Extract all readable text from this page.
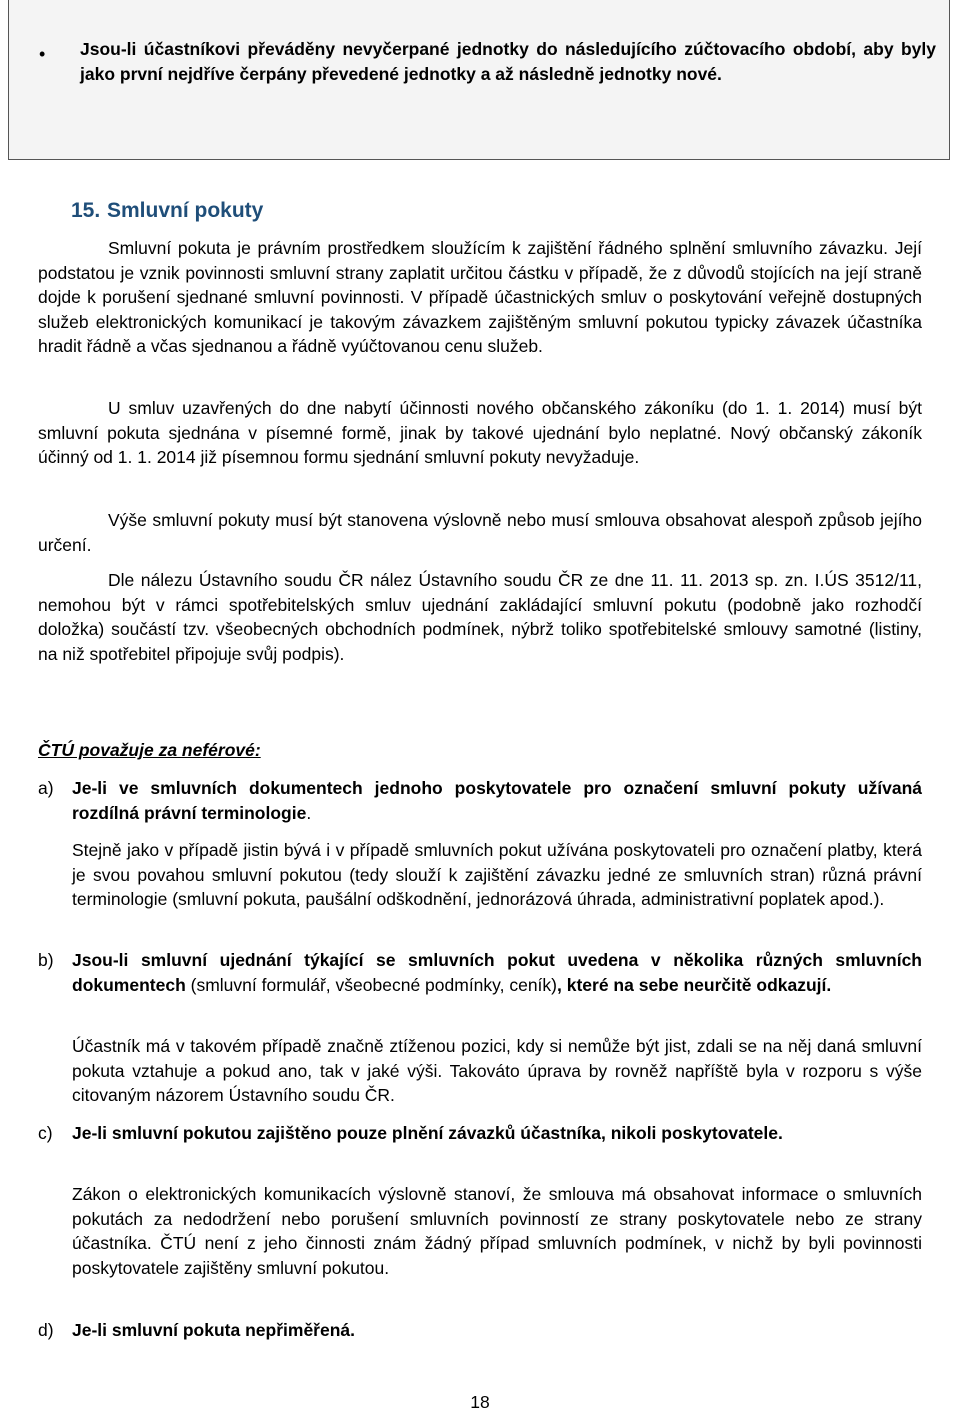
• Jsou-li účastníkovi převáděny nevyčerpané jednotky do následujícího zúčtovacího období, aby byly jako první nejdříve čerpány převedené jednotky a až následně jednotky nové.
15. Smluvní pokuty
Smluvní pokuta je právním prostředkem sloužícím k zajištění řádného splnění smluvního závazku. Její podstatou je vznik povinnosti smluvní strany zaplatit určitou částku v případě, že z důvodů stojících na její straně dojde k porušení sjednané smluvní povinnosti. V případě účastnických smluv o poskytování veřejně dostupných služeb elektronických komunikací je takovým závazkem zajištěným smluvní pokutou typicky závazek účastníka hradit řádně a včas sjednanou a řádně vyúčtovanou cenu služeb.
U smluv uzavřených do dne nabytí účinnosti nového občanského zákoníku (do 1. 1. 2014) musí být smluvní pokuta sjednána v písemné formě, jinak by takové ujednání bylo neplatné. Nový občanský zákoník účinný od 1. 1. 2014 již písemnou formu sjednání smluvní pokuty nevyžaduje.
Výše smluvní pokuty musí být stanovena výslovně nebo musí smlouva obsahovat alespoň způsob jejího určení.
Dle nálezu Ústavního soudu ČR nález Ústavního soudu ČR ze dne 11. 11. 2013 sp. zn. I.ÚS 3512/11, nemohou být v rámci spotřebitelských smluv ujednání zakládající smluvní pokutu (podobně jako rozhodčí doložka) součástí tzv. všeobecných obchodních podmínek, nýbrž toliko spotřebitelské smlouvy samotné (listiny, na niž spotřebitel připojuje svůj podpis).
ČTÚ považuje za neférové:
a) Je-li ve smluvních dokumentech jednoho poskytovatele pro označení smluvní pokuty užívaná rozdílná právní terminologie.
Stejně jako v případě jistin bývá i v případě smluvních pokut užívána poskytovateli pro označení platby, která je svou povahou smluvní pokutou (tedy slouží k zajištění závazku jedné ze smluvních stran) různá právní terminologie (smluvní pokuta, paušální odškodnění, jednorázová úhrada, administrativní poplatek apod.).
b) Jsou-li smluvní ujednání týkající se smluvních pokut uvedena v několika různých smluvních dokumentech (smluvní formulář, všeobecné podmínky, ceník), které na sebe neurčitě odkazují.
Účastník má v takovém případě značně ztíženou pozici, kdy si nemůže být jist, zdali se na něj daná smluvní pokuta vztahuje a pokud ano, tak v jaké výši. Takováto úprava by rovněž napříště byla v rozporu s výše citovaným názorem Ústavního soudu ČR.
c) Je-li smluvní pokutou zajištěno pouze plnění závazků účastníka, nikoli poskytovatele.
Zákon o elektronických komunikacích výslovně stanoví, že smlouva má obsahovat informace o smluvních pokutách za nedodržení nebo porušení smluvních povinností ze strany poskytovatele nebo ze strany účastníka. ČTÚ není z jeho činnosti znám žádný případ smluvních podmínek, v nichž by byli povinnosti poskytovatele zajištěny smluvní pokutou.
d) Je-li smluvní pokuta nepřiměřená.
18
